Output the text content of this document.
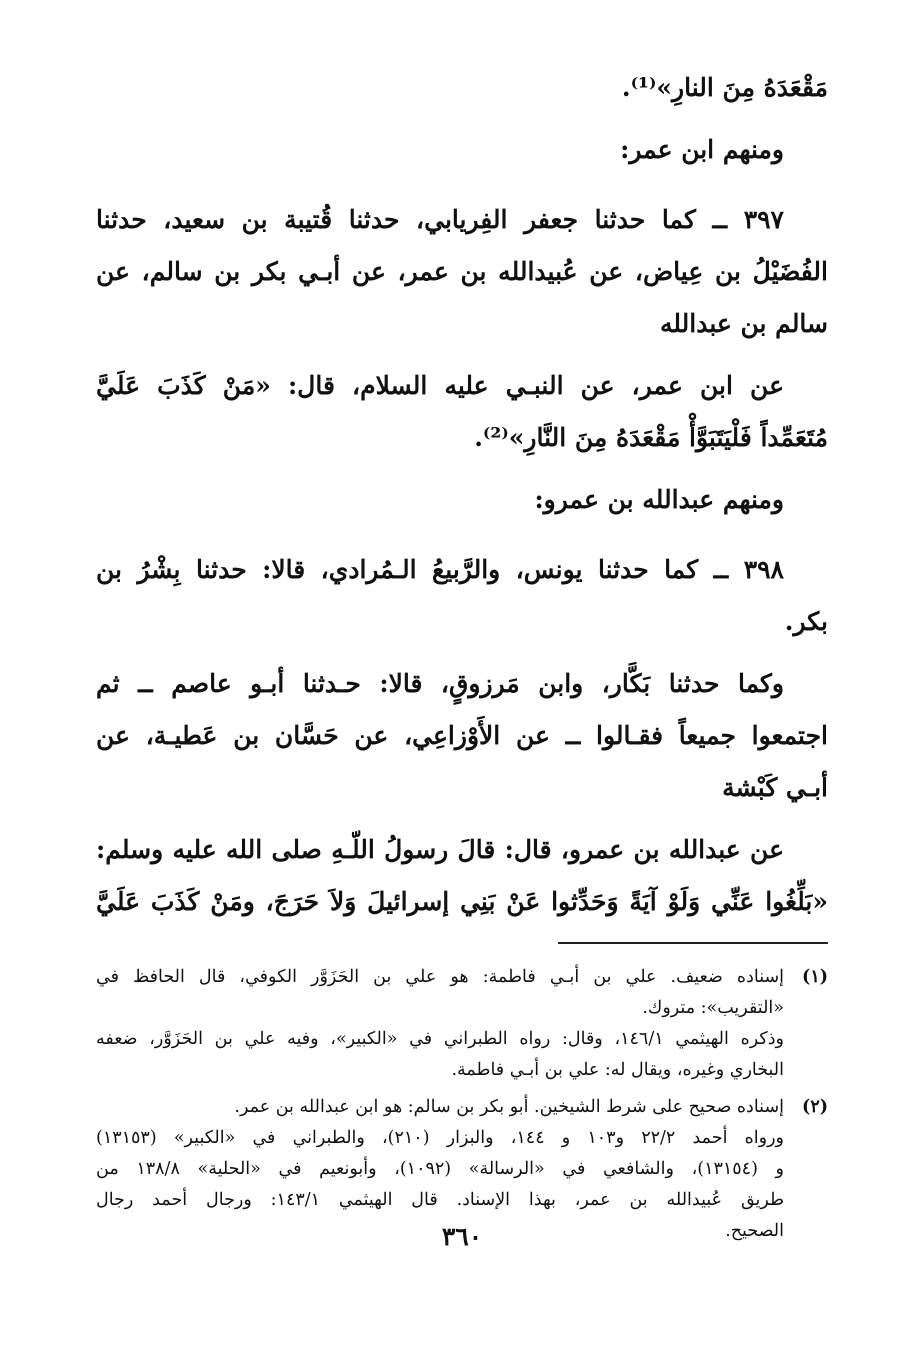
مَقْعَدَهُ مِنَ النارِ»⁽¹⁾.

ومنهم ابن عمر:

٣٩٧ ــ كما حدثنا جعفر الفِريابي، حدثنا قُتيبة بن سعيد، حدثنا

الفُضَيْلُ بن عِياض، عن عُبيدالله بن عمر، عن أبـي بكر بن سالم، عن

سالم بن عبدالله

عن ابن عمر، عن النبـي عليه السلام، قال: «مَنْ كَذَبَ عَلَيَّ

مُتَعَمِّداً فَلْيَتَبَوَّأْ مَقْعَدَهُ مِنَ النَّارِ»⁽²⁾.

ومنهم عبدالله بن عمرو:

٣٩٨ ــ كما حدثنا يونس، والرَّبيعُ الـمُرادي، قالا: حدثنا بِشْرُ بن

بكر.

وكما حدثنا بَكَّار، وابن مَرزوقٍ، قالا: حـدثنا أبـو عاصم ــ ثم

اجتمعوا جميعاً فقـالوا ــ عن الأَوْزاعِي، عن حَسَّان بن عَطيـة، عن

أبـي كَبْشة

عن عبدالله بن عمرو، قال: قالَ رسولُ اللّـهِ صلى الله عليه وسلم:

«بَلِّغُوا عَنِّي وَلَوْ آيَةً وَحَدِّثوا عَنْ بَنِي إسرائيلَ وَلاَ حَرَجَ، ومَنْ كَذَبَ عَلَيَّ

(١)
إسناده ضعيف. علي بن أبـي فاطمة: هو علي بن الحَزَوَّر الكوفي، قال الحافظ في
«التقريب»: متروك.
وذكره الهيثمي ١٤٦/١، وقال: رواه الطبراني في «الكبير»، وفيه علي بن الحَزَوَّر، ضعفه
البخاري وغيره، ويقال له: علي بن أبـي فاطمة.
(٢)
إسناده صحيح على شرط الشيخين. أبو بكر بن سالم: هو ابن عبدالله بن عمر.
ورواه أحمد ٢٢/٢ و١٠٣ و ١٤٤، والبزار (٢١٠)، والطبراني في «الكبير» (١٣١٥٣)
و (١٣١٥٤)، والشافعي في «الرسالة» (١٠٩٢)، وأبونعيم في «الحلية» ١٣٨/٨ من
طريق عُبيدالله بن عمر، بهذا الإسناد. قال الهيثمي ١٤٣/١: ورجال أحمد رجال
الصحيح.
٣٦٠
